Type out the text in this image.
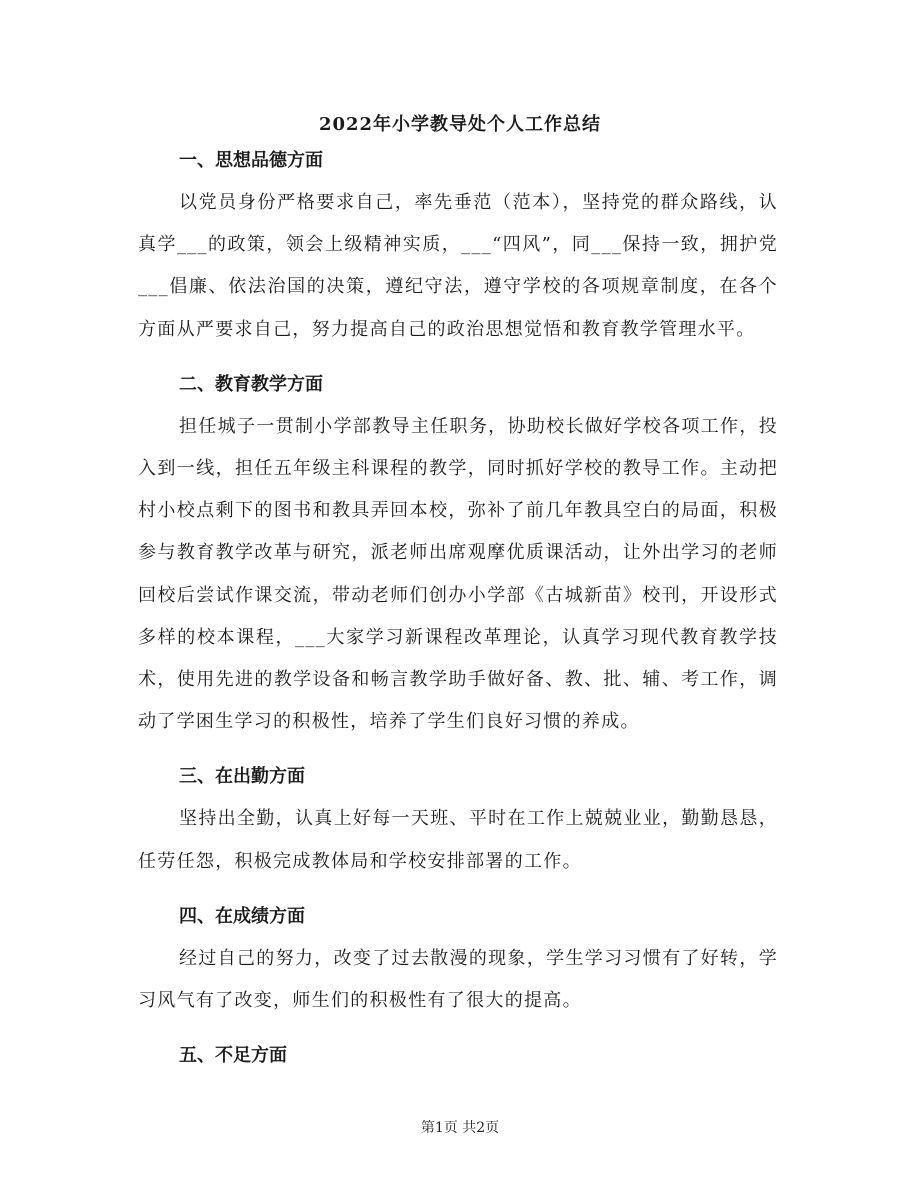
2022年小学教导处个人工作总结
一、思想品德方面

以党员身份严格要求自己，率先垂范（范本），坚持党的群众路线，认真学___的政策，领会上级精神实质，___“四风”，同___保持一致，拥护党___倡廉、依法治国的决策，遵纪守法，遵守学校的各项规章制度，在各个方面从严要求自己，努力提高自己的政治思想觉悟和教育教学管理水平。

二、教育教学方面

担任城子一贯制小学部教导主任职务，协助校长做好学校各项工作，投入到一线，担任五年级主科课程的教学，同时抓好学校的教导工作。主动把村小校点剩下的图书和教具弄回本校，弥补了前几年教具空白的局面，积极参与教育教学改革与研究，派老师出席观摩优质课活动，让外出学习的老师回校后尝试作课交流，带动老师们创办小学部《古城新苗》校刊，开设形式多样的校本课程，___大家学习新课程改革理论，认真学习现代教育教学技术，使用先进的教学设备和畅言教学助手做好备、教、批、辅、考工作，调动了学困生学习的积极性，培养了学生们良好习惯的养成。

三、在出勤方面

坚持出全勤，认真上好每一天班、平时在工作上兢兢业业，勤勤恳恳，任劳任怨，积极完成教体局和学校安排部署的工作。

四、在成绩方面

经过自己的努力，改变了过去散漫的现象，学生学习习惯有了好转，学习风气有了改变，师生们的积极性有了很大的提高。

五、不足方面
第1页 共2页
